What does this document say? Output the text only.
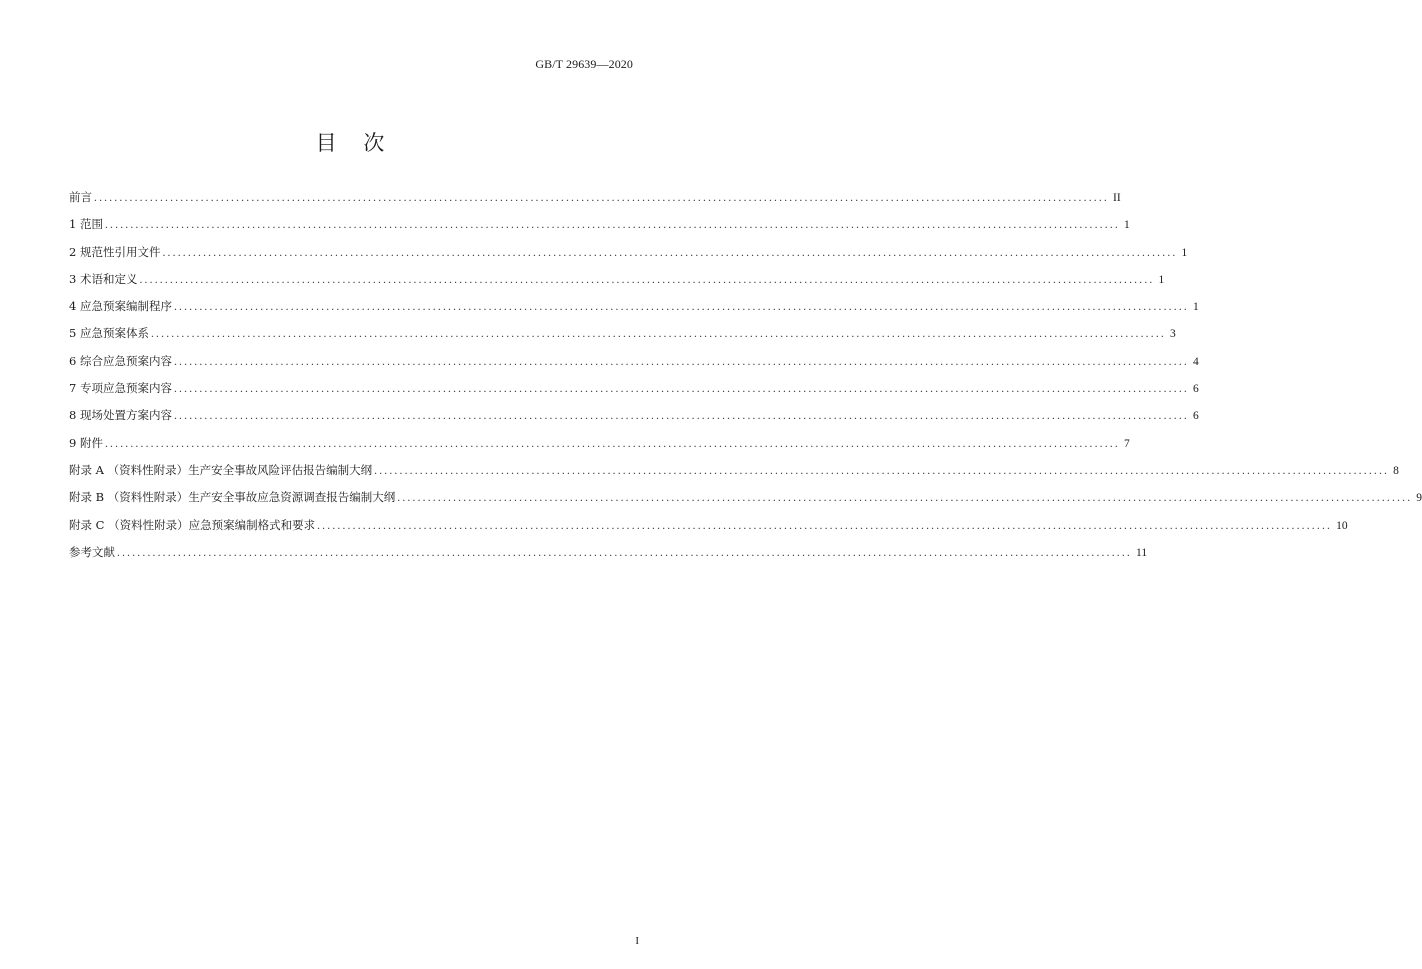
GB/T 29639—2020
目 次
前言 ........................................................................................................................................................................................................ II
1 范围 ........................................................................................................................................................................................................ 1
2 规范性引用文件 ........................................................................................................................................................................................................ 1
3 术语和定义 ........................................................................................................................................................................................................ 1
4 应急预案编制程序 ........................................................................................................................................................................................................ 1
5 应急预案体系 ........................................................................................................................................................................................................ 3
6 综合应急预案内容 ........................................................................................................................................................................................................ 4
7 专项应急预案内容 ........................................................................................................................................................................................................ 6
8 现场处置方案内容 ........................................................................................................................................................................................................ 6
9 附件 ........................................................................................................................................................................................................ 7
附录 A （资料性附录）生产安全事故风险评估报告编制大纲 ........................................................................................................................................................................................................ 8
附录 B （资料性附录）生产安全事故应急资源调查报告编制大纲 ........................................................................................................................................................................................................ 9
附录 C （资料性附录）应急预案编制格式和要求 ........................................................................................................................................................................................................ 10
参考文献 ........................................................................................................................................................................................................ 11
I
